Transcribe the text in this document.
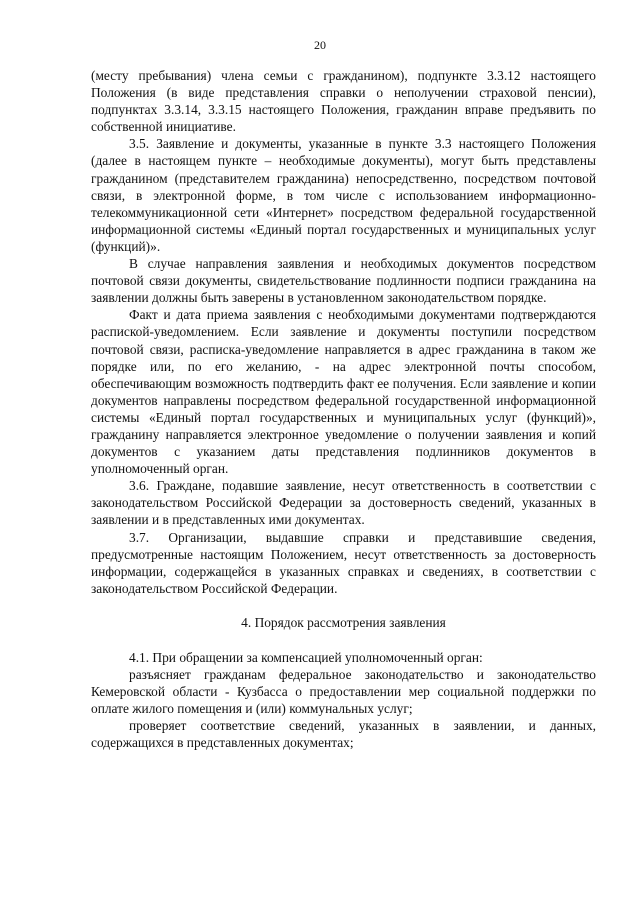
20

(месту пребывания) члена семьи с гражданином), подпункте 3.3.12 настоящего Положения (в виде представления справки о неполучении страховой пенсии), подпунктах 3.3.14, 3.3.15 настоящего Положения, гражданин вправе предъявить по собственной инициативе.

3.5. Заявление и документы, указанные в пункте 3.3 настоящего Положения (далее в настоящем пункте – необходимые документы), могут быть представлены гражданином (представителем гражданина) непосредственно, посредством почтовой связи, в электронной форме, в том числе с использованием информационно-телекоммуникационной сети «Интернет» посредством федеральной государственной информационной системы «Единый портал государственных и муниципальных услуг (функций)».

В случае направления заявления и необходимых документов посредством почтовой связи документы, свидетельствование подлинности подписи гражданина на заявлении должны быть заверены в установленном законодательством порядке.

Факт и дата приема заявления с необходимыми документами подтверждаются распиской-уведомлением. Если заявление и документы поступили посредством почтовой связи, расписка-уведомление направляется в адрес гражданина в таком же порядке или, по его желанию, - на адрес электронной почты способом, обеспечивающим возможность подтвердить факт ее получения. Если заявление и копии документов направлены посредством федеральной государственной информационной системы «Единый портал государственных и муниципальных услуг (функций)», гражданину направляется электронное уведомление о получении заявления и копий документов с указанием даты представления подлинников документов в уполномоченный орган.

3.6. Граждане, подавшие заявление, несут ответственность в соответствии с законодательством Российской Федерации за достоверность сведений, указанных в заявлении и в представленных ими документах.

3.7. Организации, выдавшие справки и представившие сведения, предусмотренные настоящим Положением, несут ответственность за достоверность информации, содержащейся в указанных справках и сведениях, в соответствии с законодательством Российской Федерации.

4. Порядок рассмотрения заявления

4.1. При обращении за компенсацией уполномоченный орган:

разъясняет гражданам федеральное законодательство и законодательство Кемеровской области - Кузбасса о предоставлении мер социальной поддержки по оплате жилого помещения и (или) коммунальных услуг;

проверяет соответствие сведений, указанных в заявлении, и данных, содержащихся в представленных документах;
